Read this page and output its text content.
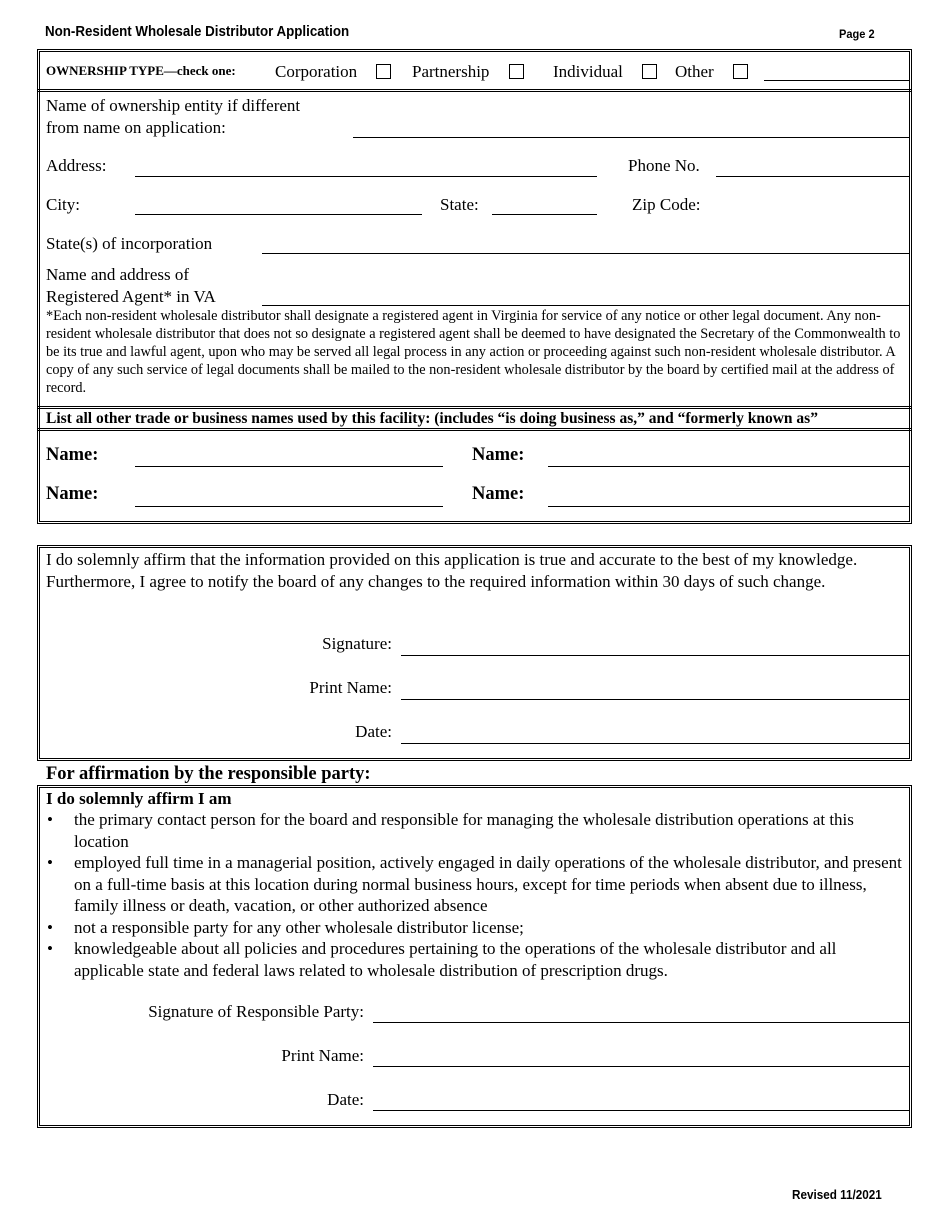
Non-Resident Wholesale Distributor Application	Page 2
OWNERSHIP TYPE—check one: Corporation	Partnership	Individual	Other
Name of ownership entity if different
from name on application:
Address:	Phone No.
City:	State:	Zip Code:
State(s) of incorporation
Name and address of
Registered Agent* in VA
*Each non-resident wholesale distributor shall designate a registered agent in Virginia for service of any notice or other legal document. Any non-resident wholesale distributor that does not so designate a registered agent shall be deemed to have designated the Secretary of the Commonwealth to be its true and lawful agent, upon who may be served all legal process in any action or proceeding against such non-resident wholesale distributor. A copy of any such service of legal documents shall be mailed to the non-resident wholesale distributor by the board by certified mail at the address of record.
List all other trade or business names used by this facility: (includes “is doing business as,” and “formerly known as”
Name:	Name:
Name:	Name:
I do solemnly affirm that the information provided on this application is true and accurate to the best of my knowledge. Furthermore, I agree to notify the board of any changes to the required information within 30 days of such change.
Signature:
Print Name:
Date:
For affirmation by the responsible party:
I do solemnly affirm I am
• the primary contact person for the board and responsible for managing the wholesale distribution operations at this location
• employed full time in a managerial position, actively engaged in daily operations of the wholesale distributor, and present on a full-time basis at this location during normal business hours, except for time periods when absent due to illness, family illness or death, vacation, or other authorized absence
• not a responsible party for any other wholesale distributor license;
• knowledgeable about all policies and procedures pertaining to the operations of the wholesale distributor and all applicable state and federal laws related to wholesale distribution of prescription drugs.
Signature of Responsible Party:
Print Name:
Date:
Revised 11/2021
